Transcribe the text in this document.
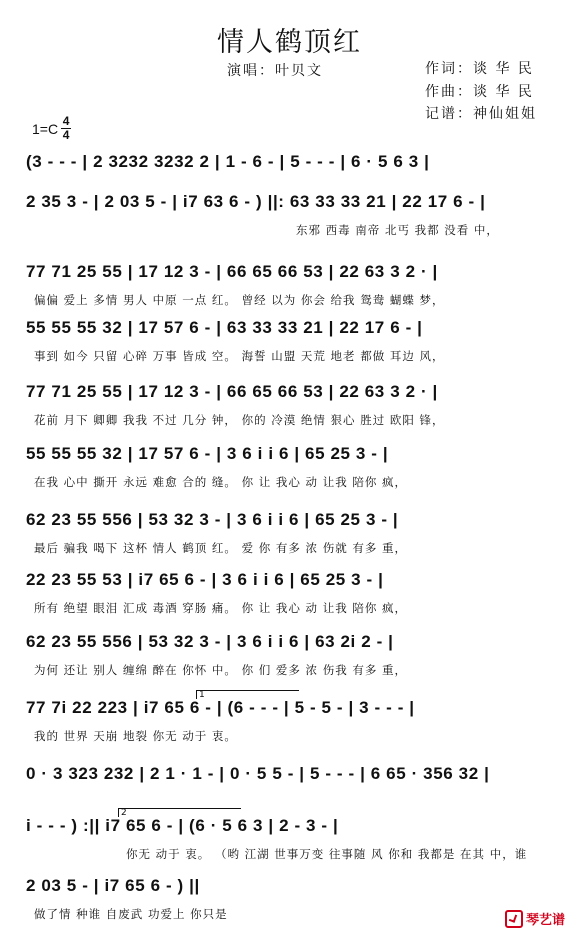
情人鹤顶红
演唱：叶贝文	作词：谈 华 民
作曲：谈 华 民
记谱：神仙姐姐
$1=C \frac{4}{4}$
(3 - - - | 2 3232 3232 2 | 1 - 6 - | 5 - - - | 6 · 5 6 3 |
2 35 3 - | 2 03 5 - | i7 63 6 - ) ||: 63 33 33 21 | 22 17 6 - |
东邪 西毒 南帝 北丐 我都 没看 中，
77 71 25 55 | 17 12 3 - | 66 65 66 53 | 22 63 3 2 · |
偏偏 爱上 多情 男人 中原 一点 红。 曾经 以为 你会 给我 鸳鸯 蝴蝶 梦，
55 55 55 32 | 17 57 6 - | 63 33 33 21 | 22 17 6 - |
事到 如今 只留 心碎 万事 皆成 空。 海誓 山盟 天荒 地老 都做 耳边 风，
77 71 25 55 | 17 12 3 - | 66 65 66 53 | 22 63 3 2 · |
花前 月下 卿卿 我我 不过 几分 钟， 你的 冷漠 绝情 狠心 胜过 欧阳 锋，
55 55 55 32 | 17 57 6 - | 3 6 i i 6 | 65 25 3 - |
在我 心中 撕开 永远 难愈 合的 缝。 你 让 我心 动 让我 陪你 疯，
62 23 55 556 | 53 32 3 - | 3 6 i i 6 | 65 25 3 - |
最后 骗我 喝下 这杯 情人 鹤顶 红。 爱 你 有多 浓 伤就 有多 重，
22 23 55 53 | i7 65 6 - | 3 6 i i 6 | 65 25 3 - |
所有 绝望 眼泪 汇成 毒酒 穿肠 痛。 你 让 我心 动 让我 陪你 疯，
62 23 55 556 | 53 32 3 - | 3 6 i i 6 | 63 2i 2 - |
为何 还让 别人 缠绵 醉在 你怀 中。 你 们 爱多 浓 伤我 有多 重，
1
77 7i 22 223 | i7 65 6 - | (6 - - - | 5 - 5 - | 3 - - - |
我的 世界 天崩 地裂 你无 动于 衷。
0 · 3 323 232 | 2 1 · 1 - | 0 · 5 5 - | 5 - - - | 6 65 · 356 32 |
2
i - - - ) :|| i7 65 6 - | (6 · 5 6 3 | 2 - 3 - |
你无 动于 衷。 （哟 江湖 世事万变 往事随 风 你和 我都是 在其 中，谁
2 03 5 - | i7 65 6 - ) ||
做了情 种谁 自废武 功爱上 你只是	琴艺谱
